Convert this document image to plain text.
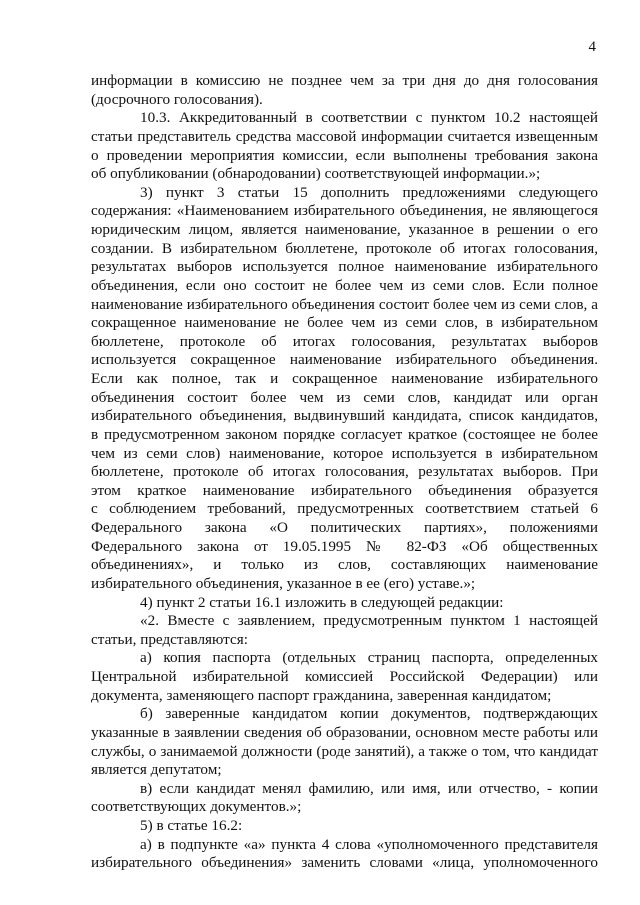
4

информации в комиссию не позднее чем за три дня до дня голосования

(досрочного голосования).

10.3. Аккредитованный в соответствии с пунктом 10.2 настоящей

статьи представитель средства массовой информации считается извещенным

о проведении мероприятия комиссии, если выполнены требования закона

об опубликовании (обнародовании) соответствующей информации.»;

3) пункт 3 статьи 15 дополнить предложениями следующего

содержания: «Наименованием избирательного объединения, не являющегося

юридическим лицом, является наименование, указанное в решении о его

создании. В избирательном бюллетене, протоколе об итогах голосования,

результатах выборов используется полное наименование избирательного

объединения, если оно состоит не более чем из семи слов. Если полное

наименование избирательного объединения состоит более чем из семи слов, а

сокращенное наименование не более чем из семи слов, в избирательном

бюллетене, протоколе об итогах голосования, результатах выборов

используется сокращенное наименование избирательного объединения.

Если как полное, так и сокращенное наименование избирательного

объединения состоит более чем из семи слов, кандидат или орган

избирательного объединения, выдвинувший кандидата, список кандидатов,

в предусмотренном законом порядке согласует краткое (состоящее не более

чем из семи слов) наименование, которое используется в избирательном

бюллетене, протоколе об итогах голосования, результатах выборов. При

этом краткое наименование избирательного объединения образуется

с соблюдением требований, предусмотренных соответствием статьей 6

Федерального закона «О политических партиях», положениями

Федерального закона от 19.05.1995 № 82-ФЗ «Об общественных

объединениях», и только из слов, составляющих наименование

избирательного объединения, указанное в ее (его) уставе.»;

4) пункт 2 статьи 16.1 изложить в следующей редакции:

«2. Вместе с заявлением, предусмотренным пунктом 1 настоящей

статьи, представляются:

а) копия паспорта (отдельных страниц паспорта, определенных

Центральной избирательной комиссией Российской Федерации) или

документа, заменяющего паспорт гражданина, заверенная кандидатом;

б) заверенные кандидатом копии документов, подтверждающих

указанные в заявлении сведения об образовании, основном месте работы или

службы, о занимаемой должности (роде занятий), а также о том, что кандидат

является депутатом;

в) если кандидат менял фамилию, или имя, или отчество, - копии

соответствующих документов.»;

5) в статье 16.2:

а) в подпункте «а» пункта 4 слова «уполномоченного представителя

избирательного объединения» заменить словами «лица, уполномоченного
